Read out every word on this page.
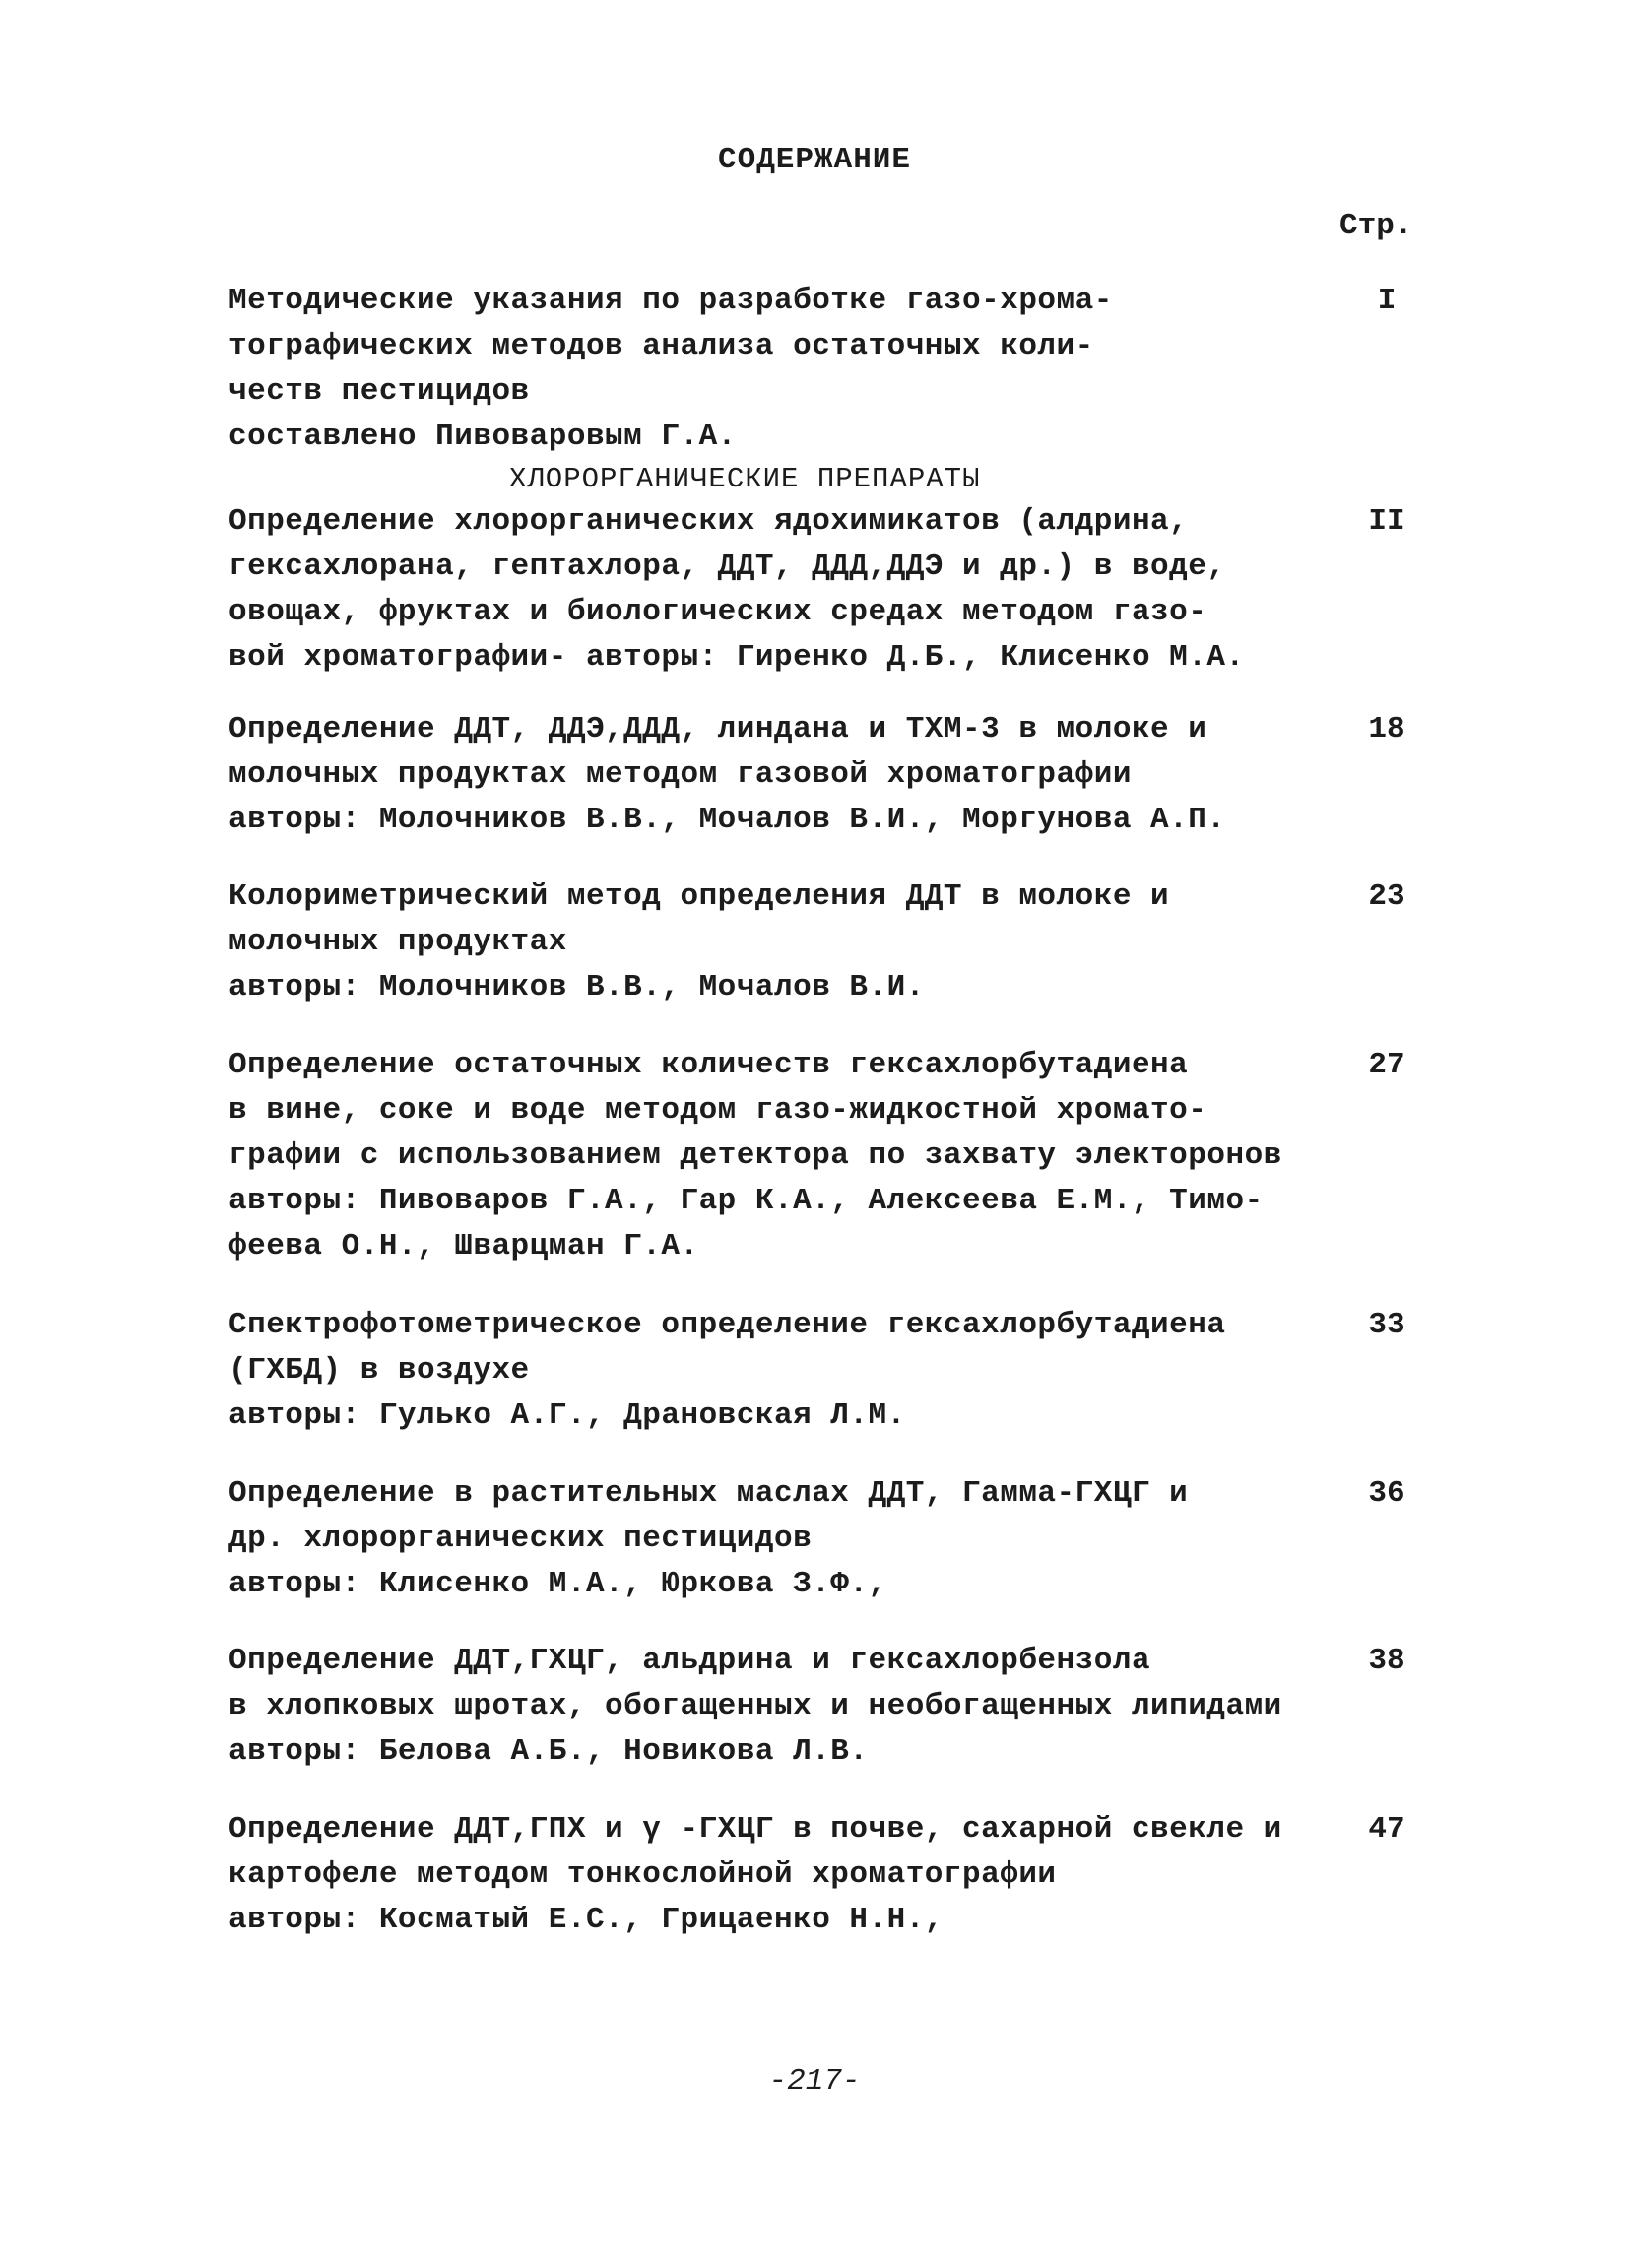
СОДЕРЖАНИЕ
Стр.
Методические указания по разработке газо-хрома-
тографических методов анализа остаточных коли-
честв пестицидов
составлено Пивоваровым Г.А.
I
ХЛОРОРГАНИЧЕСКИЕ ПРЕПАРАТЫ
Определение хлорорганических ядохимикатов (алдрина,
гексахлорана, гептахлора, ДДТ, ДДД,ДДЭ и др.) в воде,
овощах, фруктах и биологических средах методом газо-
вой хроматографии- авторы: Гиренко Д.Б., Клисенко М.А.
II
Определение ДДТ, ДДЭ,ДДД, линдана и ТХМ-3 в молоке и
молочных продуктах методом газовой хроматографии
авторы: Молочников В.В., Мочалов В.И., Моргунова А.П.
18
Колориметрический метод определения ДДТ в молоке и
молочных продуктах
авторы: Молочников В.В., Мочалов В.И.
23
Определение остаточных количеств гексахлорбутадиена
в вине, соке и воде методом газо-жидкостной хромато-
графии с использованием детектора по захвату электоронов
авторы: Пивоваров Г.А., Гар К.А., Алексеева Е.М., Тимо-
феева О.Н., Шварцман Г.А.
27
Спектрофотометрическое определение гексахлорбутадиена
(ГХБД) в воздухе
авторы: Гулько А.Г., Драновская Л.М.
33
Определение в растительных маслах ДДТ, Гамма-ГХЦГ и
др. хлорорганических пестицидов
авторы: Клисенко М.А., Юркова З.Ф.,
36
Определение ДДТ,ГХЦГ, альдрина и гексахлорбензола
в хлопковых шротах, обогащенных и необогащенных липидами
авторы: Белова А.Б., Новикова Л.В.
38
Определение ДДТ,ГПХ и γ -ГХЦГ в почве, сахарной свекле и
картофеле методом тонкослойной хроматографии
авторы: Косматый Е.С., Грицаенко Н.Н.,
47
-217-
